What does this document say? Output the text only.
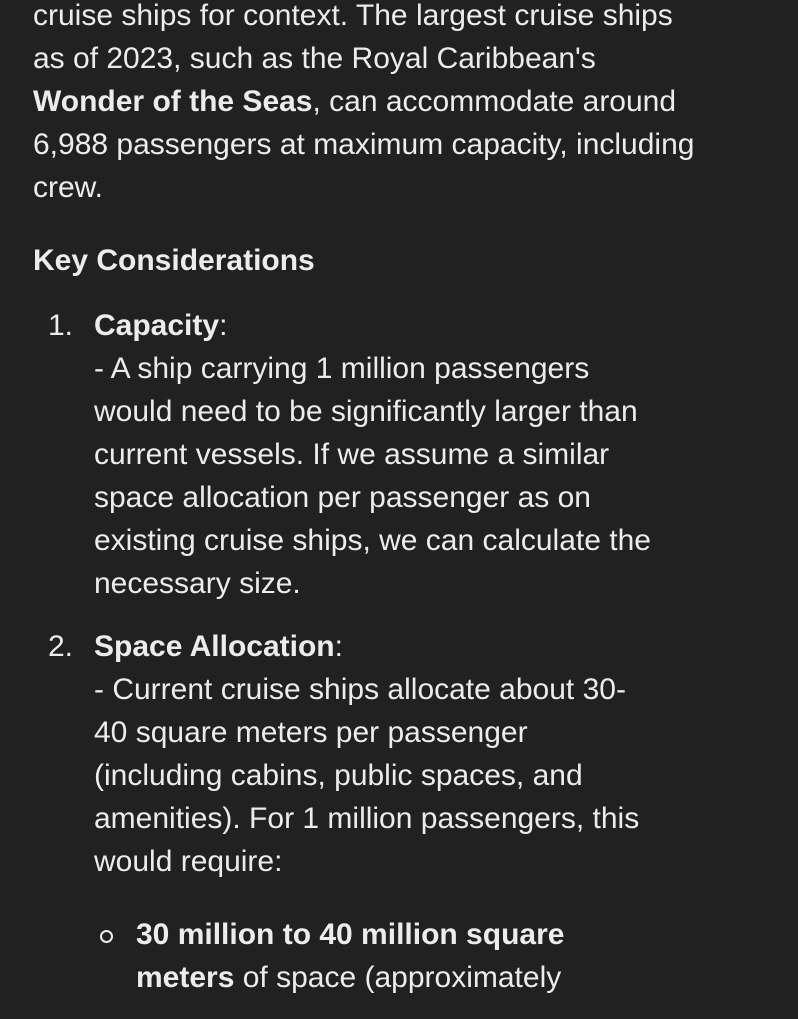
cruise ships for context. The largest cruise ships
as of 2023, such as the Royal Caribbean's
Wonder of the Seas, can accommodate around
6,988 passengers at maximum capacity, including
crew.

Key Considerations

1. Capacity:
- A ship carrying 1 million passengers
would need to be significantly larger than
current vessels. If we assume a similar
space allocation per passenger as on
existing cruise ships, we can calculate the
necessary size.
2. Space Allocation:
- Current cruise ships allocate about 30-
40 square meters per passenger
(including cabins, public spaces, and
amenities). For 1 million passengers, this
would require:
30 million to 40 million square
meters of space (approximately
